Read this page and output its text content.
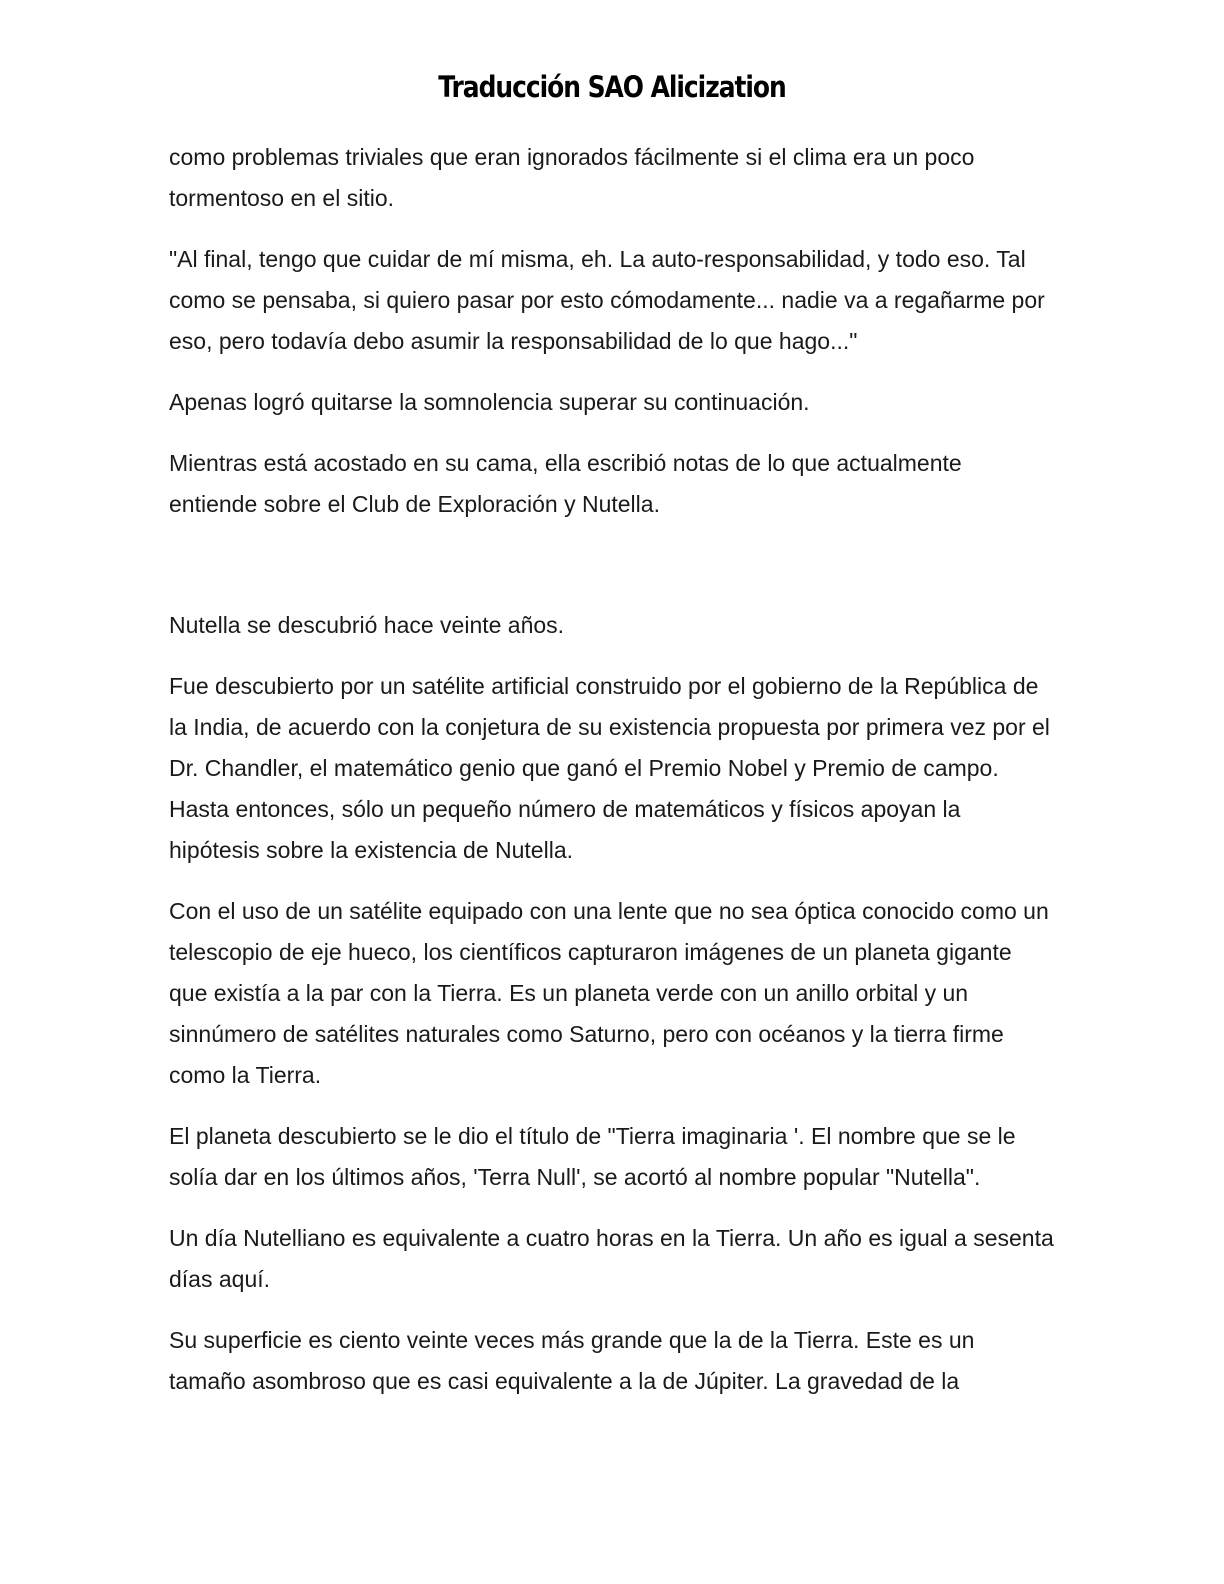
Traducción SAO Alicization

como problemas triviales que eran ignorados fácilmente si el clima era un poco tormentoso en el sitio.

"Al final, tengo que cuidar de mí misma, eh. La auto-responsabilidad, y todo eso. Tal como se pensaba, si quiero pasar por esto cómodamente... nadie va a regañarme por eso, pero todavía debo asumir la responsabilidad de lo que hago..."

Apenas logró quitarse la somnolencia superar su continuación.

Mientras está acostado en su cama, ella escribió notas de lo que actualmente entiende sobre el Club de Exploración y Nutella.

Nutella se descubrió hace veinte años.

Fue descubierto por un satélite artificial construido por el gobierno de la República de la India, de acuerdo con la conjetura de su existencia propuesta por primera vez por el Dr. Chandler, el matemático genio que ganó el Premio Nobel y Premio de campo. Hasta entonces, sólo un pequeño número de matemáticos y físicos apoyan la hipótesis sobre la existencia de Nutella.

Con el uso de un satélite equipado con una lente que no sea óptica conocido como un telescopio de eje hueco, los científicos capturaron imágenes de un planeta gigante que existía a la par con la Tierra. Es un planeta verde con un anillo orbital y un sinnúmero de satélites naturales como Saturno, pero con océanos y la tierra firme como la Tierra.

El planeta descubierto se le dio el título de "Tierra imaginaria '. El nombre que se le solía dar en los últimos años, 'Terra Null', se acortó al nombre popular "Nutella".

Un día Nutelliano es equivalente a cuatro horas en la Tierra. Un año es igual a sesenta días aquí.

Su superficie es ciento veinte veces más grande que la de la Tierra. Este es un tamaño asombroso que es casi equivalente a la de Júpiter. La gravedad de la
